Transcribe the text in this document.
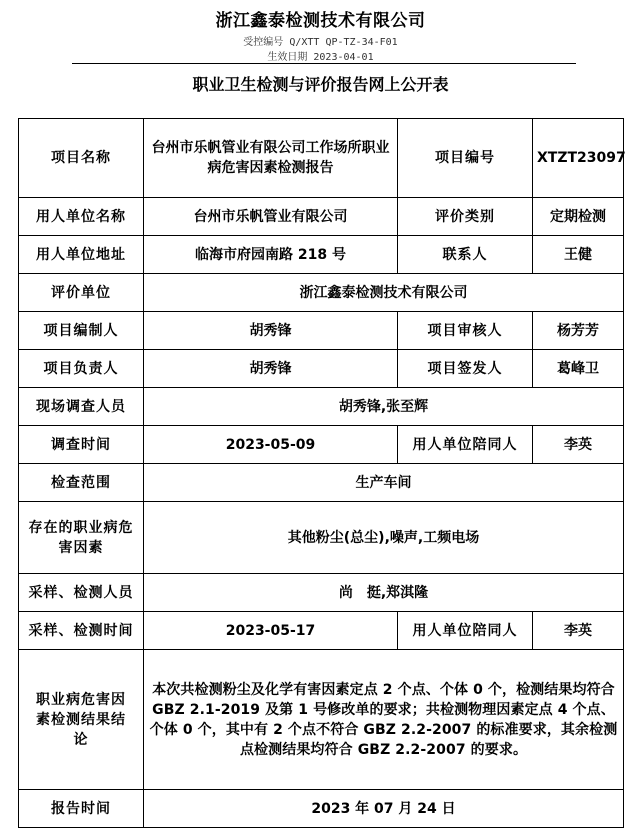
浙江鑫泰检测技术有限公司
受控编号 Q/XTT QP-TZ-34-F01
生效日期 2023-04-01
职业卫生检测与评价报告网上公开表
项目名称	台州市乐帆管业有限公司工作场所职业病危害因素检测报告	项目编号	XTZT23097
用人单位名称	台州市乐帆管业有限公司	评价类别	定期检测
用人单位地址	临海市府园南路 218 号	联系人	王健
评价单位	浙江鑫泰检测技术有限公司		
项目编制人	胡秀锋	项目审核人	杨芳芳
项目负责人	胡秀锋	项目签发人	葛峰卫
现场调查人员	胡秀锋,张至辉		
调查时间	2023-05-09	用人单位陪同人	李英
检查范围	生产车间		
存在的职业病危害因素	其他粉尘(总尘),噪声,工频电场		
采样、检测人员	尚　挺,郑淇隆		
采样、检测时间	2023-05-17	用人单位陪同人	李英
职业病危害因素检测结果结论	本次共检测粉尘及化学有害因素定点 2 个点、个体 0 个，检测结果均符合 GBZ 2.1-2019 及第 1 号修改单的要求；共检测物理因素定点 4 个点、个体 0 个，其中有 2 个点不符合 GBZ 2.2-2007 的标准要求，其余检测点检测结果均符合 GBZ 2.2-2007 的要求。		
报告时间	2023 年 07 月 24 日		
